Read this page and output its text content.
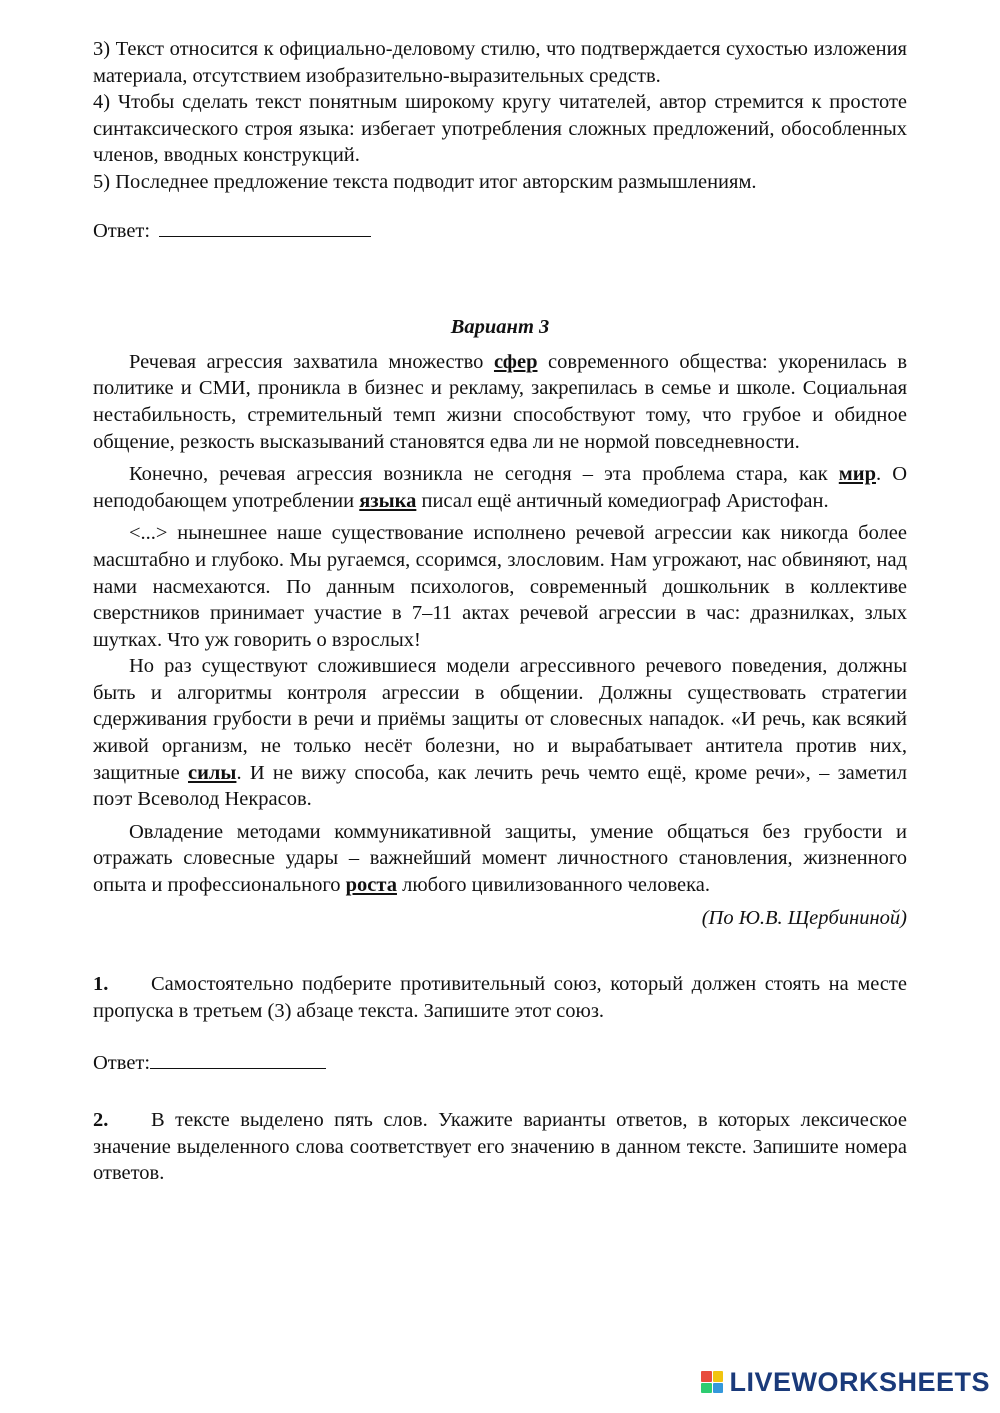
3) Текст относится к официально-деловому стилю, что подтверждается сухостью изложения материала, отсутствием изобразительно-выразительных средств.

4) Чтобы сделать текст понятным широкому кругу читателей, автор стремится к простоте синтаксического строя языка: избегает употребления сложных предложений, обособленных членов, вводных конструкций.

5) Последнее предложение текста подводит итог авторским размышлениям.

Ответ:

Вариант 3

Речевая агрессия захватила множество сфер современного общества: укоренилась в политике и СМИ, проникла в бизнес и рекламу, закрепилась в семье и школе. Социальная нестабильность, стремительный темп жизни способствуют тому, что грубое и обидное общение, резкость высказываний становятся едва ли не нормой повседневности.

Конечно, речевая агрессия возникла не сегодня – эта проблема стара, как мир. О неподобающем употреблении языка писал ещё античный комедиограф Аристофан.

<...> нынешнее наше существование исполнено речевой агрессии как никогда более масштабно и глубоко. Мы ругаемся, ссоримся, злословим. Нам угрожают, нас обвиняют, над нами насмехаются. По данным психологов, современный дошкольник в коллективе сверстников принимает участие в 7–11 актах речевой агрессии в час: дразнилках, злых шутках. Что уж говорить о взрослых!

Но раз существуют сложившиеся модели агрессивного речевого поведения, должны быть и алгоритмы контроля агрессии в общении. Должны существовать стратегии сдерживания грубости в речи и приёмы защиты от словесных нападок. «И речь, как всякий живой организм, не только несёт болезни, но и вырабатывает антитела против них, защитные силы. И не вижу способа, как лечить речь чемто ещё, кроме речи», – заметил поэт Всеволод Некрасов.

Овладение методами коммуникативной защиты, умение общаться без грубости и отражать словесные удары – важнейший момент личностного становления, жизненного опыта и профессионального роста любого цивилизованного человека.

(По Ю.В. Щербининой)

1. Самостоятельно подберите противительный союз, который должен стоять на месте пропуска в третьем (3) абзаце текста. Запишите этот союз.

Ответ:

2. В тексте выделено пять слов. Укажите варианты ответов, в которых лексическое значение выделенного слова соответствует его значению в данном тексте. Запишите номера ответов.

LIVEWORKSHEETS
